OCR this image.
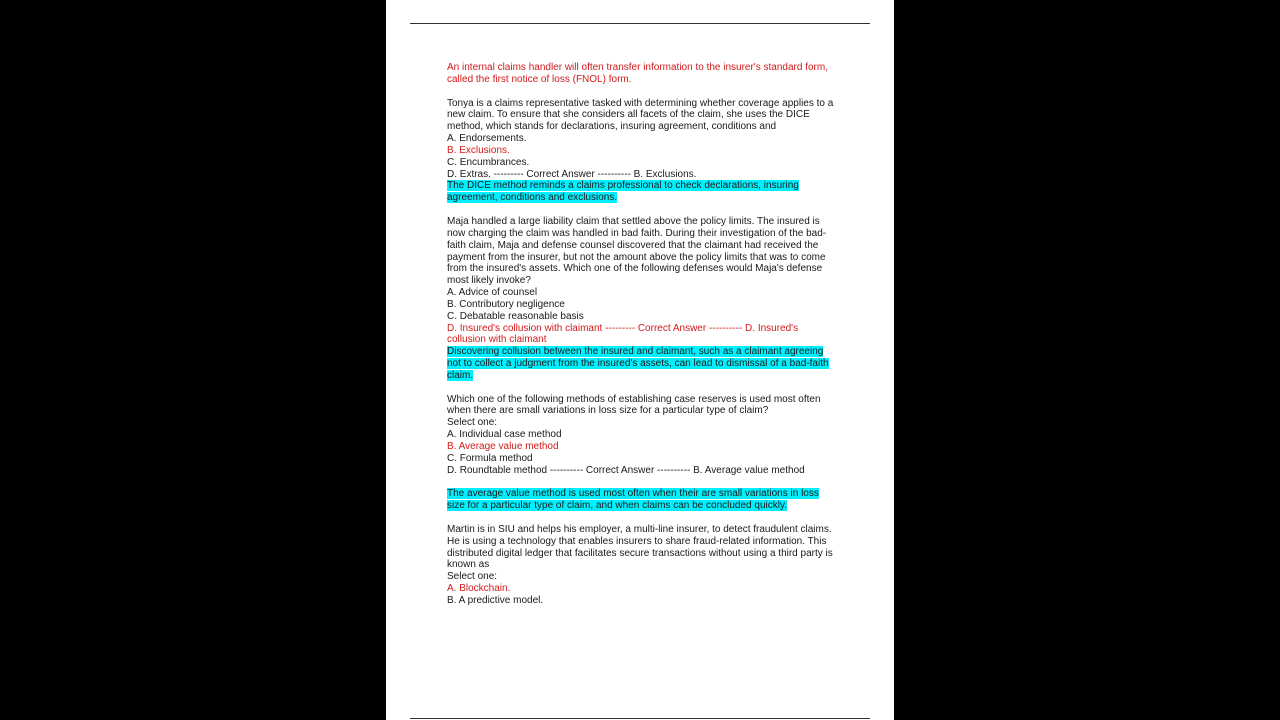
An internal claims handler will often transfer information to the insurer's standard form,
called the first notice of loss (FNOL) form.
Tonya is a claims representative tasked with determining whether coverage applies to a
new claim. To ensure that she considers all facets of the claim, she uses the DICE
method, which stands for declarations, insuring agreement, conditions and
A. Endorsements.
B. Exclusions.
C. Encumbrances.
D. Extras. --------- Correct Answer ---------- B. Exclusions.
The DICE method reminds a claims professional to check declarations, insuring
agreement, conditions and exclusions.
Maja handled a large liability claim that settled above the policy limits. The insured is
now charging the claim was handled in bad faith. During their investigation of the bad-
faith claim, Maja and defense counsel discovered that the claimant had received the
payment from the insurer, but not the amount above the policy limits that was to come
from the insured's assets. Which one of the following defenses would Maja's defense
most likely invoke?
A. Advice of counsel
B. Contributory negligence
C. Debatable reasonable basis
D. Insured's collusion with claimant --------- Correct Answer ---------- D. Insured's
collusion with claimant
Discovering collusion between the insured and claimant, such as a claimant agreeing
not to collect a judgment from the insured's assets, can lead to dismissal of a bad-faith
claim.
Which one of the following methods of establishing case reserves is used most often
when there are small variations in loss size for a particular type of claim?
Select one:
A. Individual case method
B. Average value method
C. Formula method
D. Roundtable method ---------- Correct Answer ---------- B. Average value method
The average value method is used most often when their are small variations in loss
size for a particular type of claim, and when claims can be concluded quickly.
Martin is in SIU and helps his employer, a multi-line insurer, to detect fraudulent claims.
He is using a technology that enables insurers to share fraud-related information. This
distributed digital ledger that facilitates secure transactions without using a third party is
known as
Select one:
A. Blockchain.
B. A predictive model.
